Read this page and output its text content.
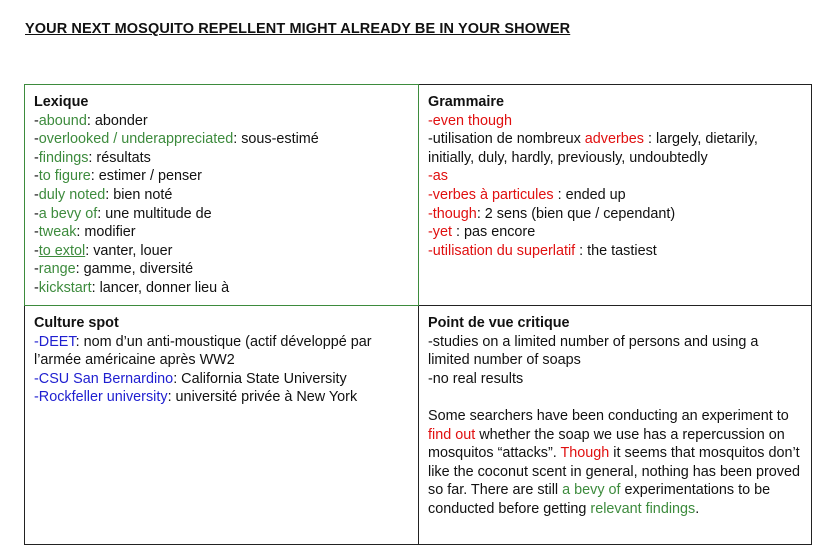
YOUR NEXT MOSQUITO REPELLENT MIGHT ALREADY BE IN YOUR SHOWER
Lexique
-abound: abonder
-overlooked / underappreciated: sous-estimé
-findings: résultats
-to figure: estimer / penser
-duly noted: bien noté
-a bevy of: une multitude de
-tweak: modifier
-to extol: vanter, louer
-range: gamme, diversité
-kickstart: lancer, donner lieu à
Grammaire
-even though
-utilisation de nombreux adverbes : largely, dietarily, initially, duly, hardly, previously, undoubtedly
-as
-verbes à particules : ended up
-though: 2 sens (bien que / cependant)
-yet : pas encore
-utilisation du superlatif : the tastiest
Culture spot
-DEET: nom d’un anti-moustique (actif développé par l’armée américaine après WW2
-CSU San Bernardino: California State University
-Rockfeller university: université privée à New York
Point de vue critique
-studies on a limited number of persons and using a limited number of soaps
-no real results
Some searchers have been conducting an experiment to find out whether the soap we use has a repercussion on mosquitos “attacks”. Though it seems that mosquitos don’t like the coconut scent in general, nothing has been proved so far. There are still a bevy of experimentations to be conducted before getting relevant findings.
